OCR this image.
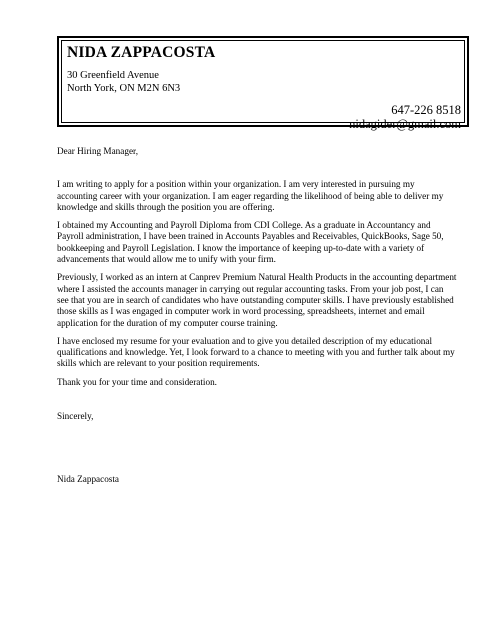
NIDA ZAPPACOSTA
30 Greenfield Avenue
North York, ON M2N 6N3
647-226 8518
nidagider@gmail.com

Dear Hiring Manager,

I am writing to apply for a position within your organization. I am very interested in pursuing my accounting career with your organization. I am eager regarding the likelihood of being able to deliver my knowledge and skills through the position you are offering.

I obtained my Accounting and Payroll Diploma from CDI College. As a graduate in Accountancy and Payroll administration, I have been trained in Accounts Payables and Receivables, QuickBooks, Sage 50, bookkeeping and Payroll Legislation. I know the importance of keeping up-to-date with a variety of advancements that would allow me to unify with your firm.

Previously, I worked as an intern at Canprev Premium Natural Health Products in the accounting department where I assisted the accounts manager in carrying out regular accounting tasks. From your job post, I can see that you are in search of candidates who have outstanding computer skills. I have previously established those skills as I was engaged in computer work in word processing, spreadsheets, internet and email application for the duration of my computer course training.

I have enclosed my resume for your evaluation and to give you detailed description of my educational qualifications and knowledge. Yet, I look forward to a chance to meeting with you and further talk about my skills which are relevant to your position requirements.

Thank you for your time and consideration.

Sincerely,

Nida Zappacosta
